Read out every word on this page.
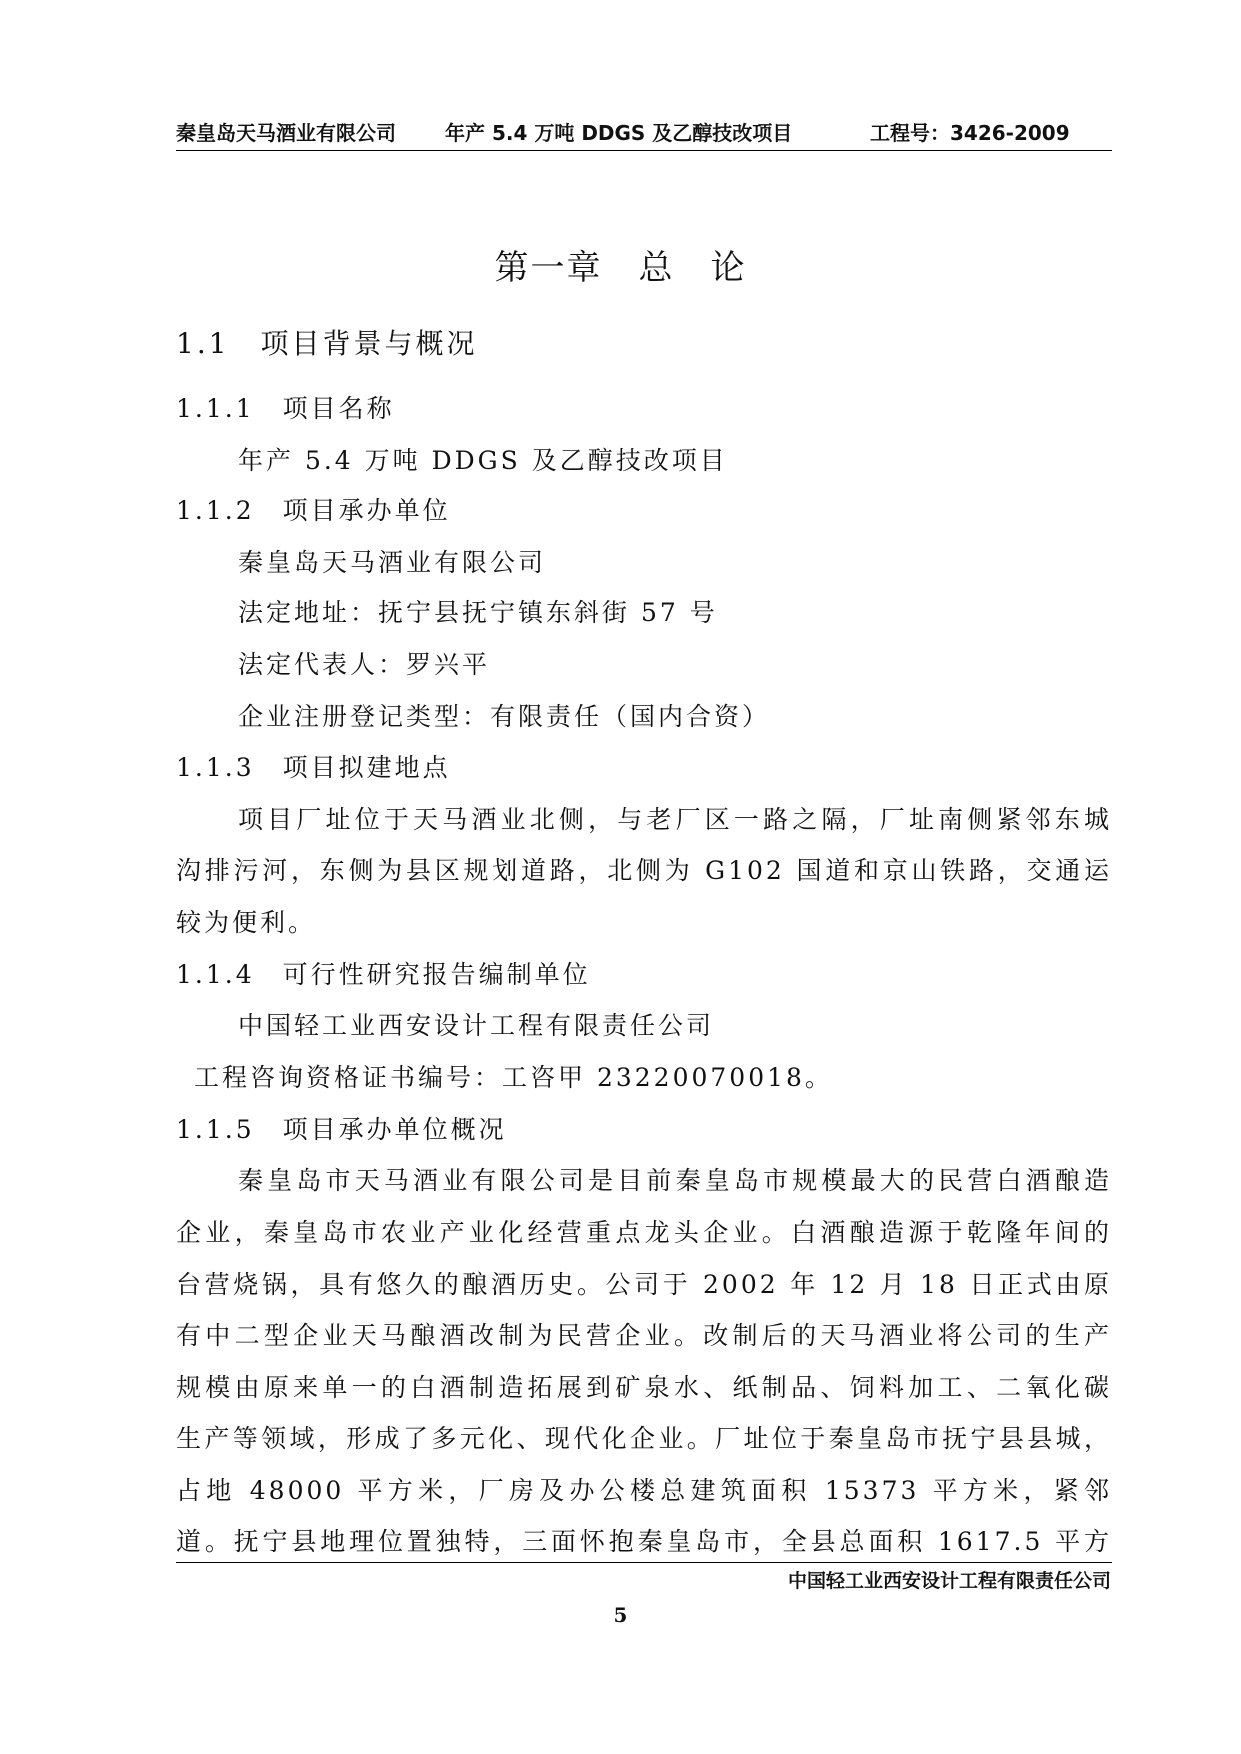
秦皇岛天马酒业有限公司 年产 5.4 万吨 DDGS 及乙醇技改项目	工程号：3426-2009
第一章　总　论
1.1　 项目背景与概况
1.1.1　 项目名称
年产 5.4 万吨 DDGS 及乙醇技改项目
1.1.2　 项目承办单位
秦皇岛天马酒业有限公司
法定地址：抚宁县抚宁镇东斜街 57 号
法定代表人：罗兴平
企业注册登记类型：有限责任（国内合资）
1.1.3　 项目拟建地点
项目厂址位于天马酒业北侧，与老厂区一路之隔，厂址南侧紧邻东城
沟排污河，东侧为县区规划道路，北侧为 G102 国道和京山铁路，交通运
较为便利。
1.1.4　 可行性研究报告编制单位
中国轻工业西安设计工程有限责任公司
工程咨询资格证书编号：工咨甲 23220070018。
1.1.5　 项目承办单位概况
秦皇岛市天马酒业有限公司是目前秦皇岛市规模最大的民营白酒酿造
企业，秦皇岛市农业产业化经营重点龙头企业。白酒酿造源于乾隆年间的
台营烧锅，具有悠久的酿酒历史。公司于 2002 年 12 月 18 日正式由原
有中二型企业天马酿酒改制为民营企业。改制后的天马酒业将公司的生产
规模由原来单一的白酒制造拓展到矿泉水、纸制品、饲料加工、二氧化碳
生产等领域，形成了多元化、现代化企业。厂址位于秦皇岛市抚宁县县城，
占地 48000 平方米，厂房及办公楼总建筑面积 15373 平方米，紧邻
道。抚宁县地理位置独特，三面怀抱秦皇岛市，全县总面积 1617.5 平方
中国轻工业西安设计工程有限责任公司
5
